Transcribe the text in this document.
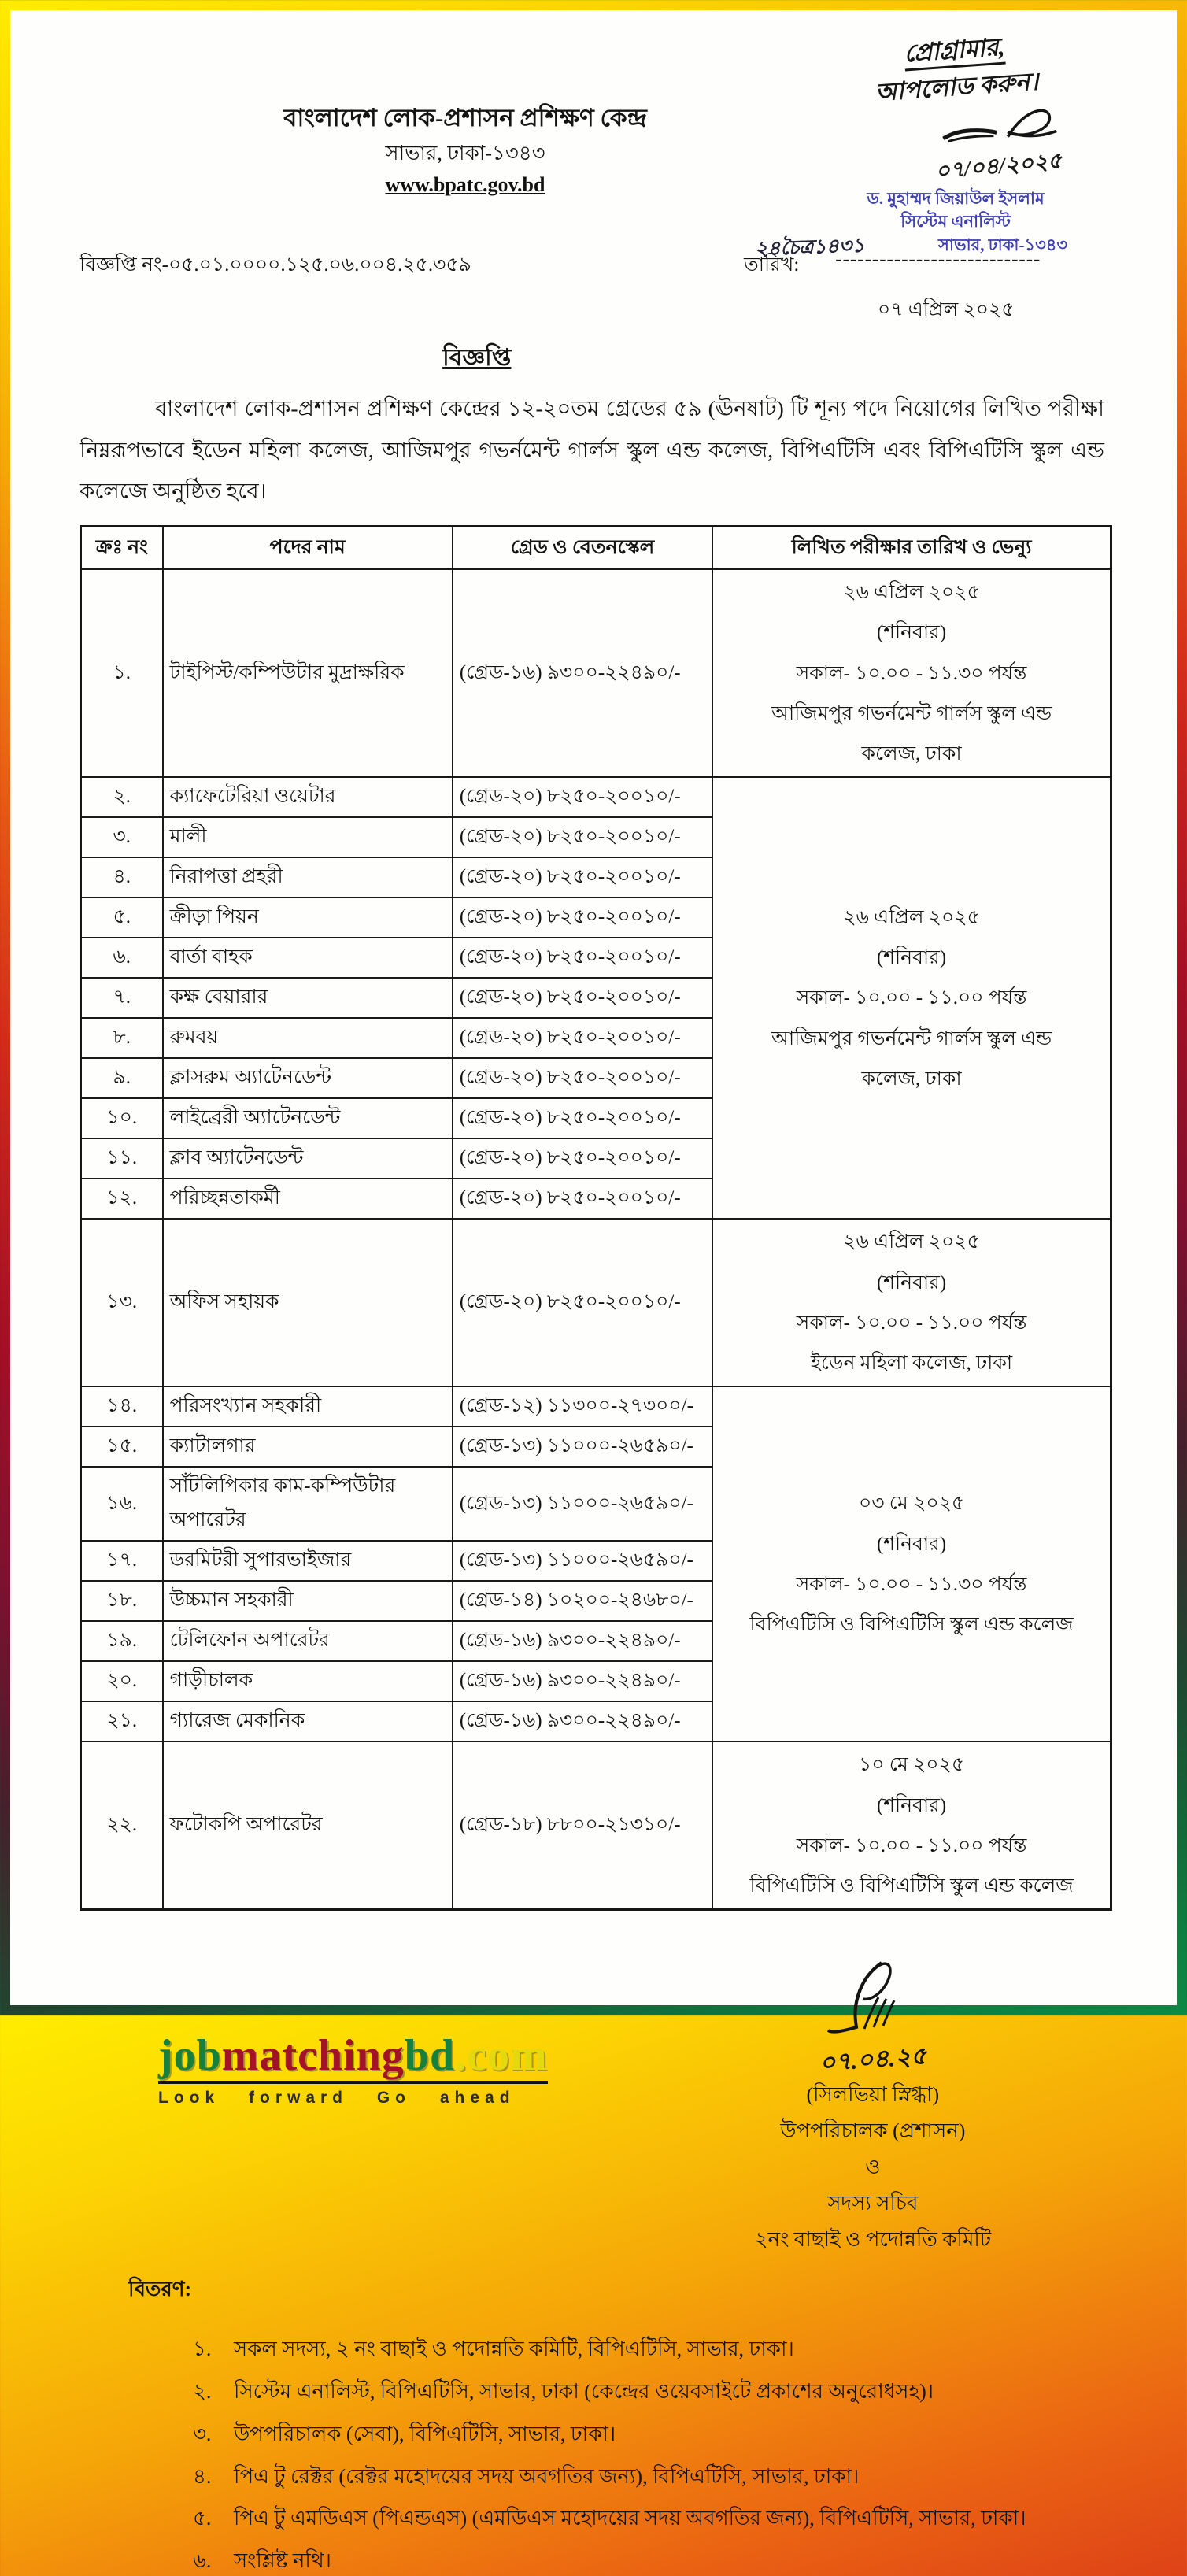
প্রোগ্রামার,
আপলোড করুন।
০৭/০৪/২০২৫
ড. মুহাম্মদ জিয়াউল ইসলাম
সিস্টেম এনালিস্ট
সাভার, ঢাকা-১৩৪৩
২৪চৈত্র১৪৩১
বাংলাদেশ লোক-প্রশাসন প্রশিক্ষণ কেন্দ্র
সাভার, ঢাকা-১৩৪৩
www.bpatc.gov.bd
বিজ্ঞপ্তি নং-০৫.০১.০০০০.১২৫.০৬.০০৪.২৫.৩৫৯	তারিখ: ----------------------------
০৭ এপ্রিল ২০২৫
বিজ্ঞপ্তি
বাংলাদেশ লোক-প্রশাসন প্রশিক্ষণ কেন্দ্রের ১২-২০তম গ্রেডের ৫৯ (ঊনষাট) টি শূন্য পদে নিয়োগের লিখিত পরীক্ষা নিম্নরূপভাবে ইডেন মহিলা কলেজ, আজিমপুর গভর্নমেন্ট গার্লস স্কুল এন্ড কলেজ, বিপিএটিসি এবং বিপিএটিসি স্কুল এন্ড কলেজে অনুষ্ঠিত হবে।
ক্রঃ নং	পদের নাম	গ্রেড ও বেতনস্কেল	লিখিত পরীক্ষার তারিখ ও ভেন্যু
১.	টাইপিস্ট/কম্পিউটার মুদ্রাক্ষরিক	(গ্রেড-১৬) ৯৩০০-২২৪৯০/-	২৬ এপ্রিল ২০২৫
(শনিবার)
সকাল- ১০.০০ - ১১.৩০ পর্যন্ত
আজিমপুর গভর্নমেন্ট গার্লস স্কুল এন্ড
কলেজ, ঢাকা

২.	ক্যাফেটেরিয়া ওয়েটার	(গ্রেড-২০) ৮২৫০-২০০১০/-	২৬ এপ্রিল ২০২৫
(শনিবার)
সকাল- ১০.০০ - ১১.০০ পর্যন্ত
আজিমপুর গভর্নমেন্ট গার্লস স্কুল এন্ড
কলেজ, ঢাকা

৩.	মালী	(গ্রেড-২০) ৮২৫০-২০০১০/-	
৪.	নিরাপত্তা প্রহরী	(গ্রেড-২০) ৮২৫০-২০০১০/-	
৫.	ক্রীড়া পিয়ন	(গ্রেড-২০) ৮২৫০-২০০১০/-	
৬.	বার্তা বাহক	(গ্রেড-২০) ৮২৫০-২০০১০/-	
৭.	কক্ষ বেয়ারার	(গ্রেড-২০) ৮২৫০-২০০১০/-	
৮.	রুমবয়	(গ্রেড-২০) ৮২৫০-২০০১০/-	
৯.	ক্লাসরুম অ্যাটেনডেন্ট	(গ্রেড-২০) ৮২৫০-২০০১০/-	
১০.	লাইব্রেরী অ্যাটেনডেন্ট	(গ্রেড-২০) ৮২৫০-২০০১০/-	
১১.	ক্লাব অ্যাটেনডেন্ট	(গ্রেড-২০) ৮২৫০-২০০১০/-	
১২.	পরিচ্ছন্নতাকর্মী	(গ্রেড-২০) ৮২৫০-২০০১০/-	
১৩.	অফিস সহায়ক	(গ্রেড-২০) ৮২৫০-২০০১০/-	২৬ এপ্রিল ২০২৫
(শনিবার)
সকাল- ১০.০০ - ১১.০০ পর্যন্ত
ইডেন মহিলা কলেজ, ঢাকা

১৪.	পরিসংখ্যান সহকারী	(গ্রেড-১২) ১১৩০০-২৭৩০০/-	০৩ মে ২০২৫
(শনিবার)
সকাল- ১০.০০ - ১১.৩০ পর্যন্ত
বিপিএটিসি ও বিপিএটিসি স্কুল এন্ড কলেজ

১৫.	ক্যাটালগার	(গ্রেড-১৩) ১১০০০-২৬৫৯০/-	
১৬.	সাঁটলিপিকার কাম-কম্পিউটার অপারেটর	(গ্রেড-১৩) ১১০০০-২৬৫৯০/-	
১৭.	ডরমিটরী সুপারভাইজার	(গ্রেড-১৩) ১১০০০-২৬৫৯০/-	
১৮.	উচ্চমান সহকারী	(গ্রেড-১৪) ১০২০০-২৪৬৮০/-	
১৯.	টেলিফোন অপারেটর	(গ্রেড-১৬) ৯৩০০-২২৪৯০/-	
২০.	গাড়ীচালক	(গ্রেড-১৬) ৯৩০০-২২৪৯০/-	
২১.	গ্যারেজ মেকানিক	(গ্রেড-১৬) ৯৩০০-২২৪৯০/-	
২২.	ফটোকপি অপারেটর	(গ্রেড-১৮) ৮৮০০-২১৩১০/-	১০ মে ২০২৫
(শনিবার)
সকাল- ১০.০০ - ১১.০০ পর্যন্ত
বিপিএটিসি ও বিপিএটিসি স্কুল এন্ড কলেজ
jobmatchingbd.com
Look forward Go ahead
০৭.০৪.২৫
(সিলভিয়া স্নিগ্ধা)
উপপরিচালক (প্রশাসন)
ও
সদস্য সচিব
২নং বাছাই ও পদোন্নতি কমিটি
বিতরণ:
১.	সকল সদস্য, ২ নং বাছাই ও পদোন্নতি কমিটি, বিপিএটিসি, সাভার, ঢাকা।
২.	সিস্টেম এনালিস্ট, বিপিএটিসি, সাভার, ঢাকা (কেন্দ্রের ওয়েবসাইটে প্রকাশের অনুরোধসহ)।
৩.	উপপরিচালক (সেবা), বিপিএটিসি, সাভার, ঢাকা।
৪.	পিএ টু রেক্টর (রেক্টর মহোদয়ের সদয় অবগতির জন্য), বিপিএটিসি, সাভার, ঢাকা।
৫.	পিএ টু এমডিএস (পিএন্ডএস) (এমডিএস মহোদয়ের সদয় অবগতির জন্য), বিপিএটিসি, সাভার, ঢাকা।
৬.	সংশ্লিষ্ট নথি।
